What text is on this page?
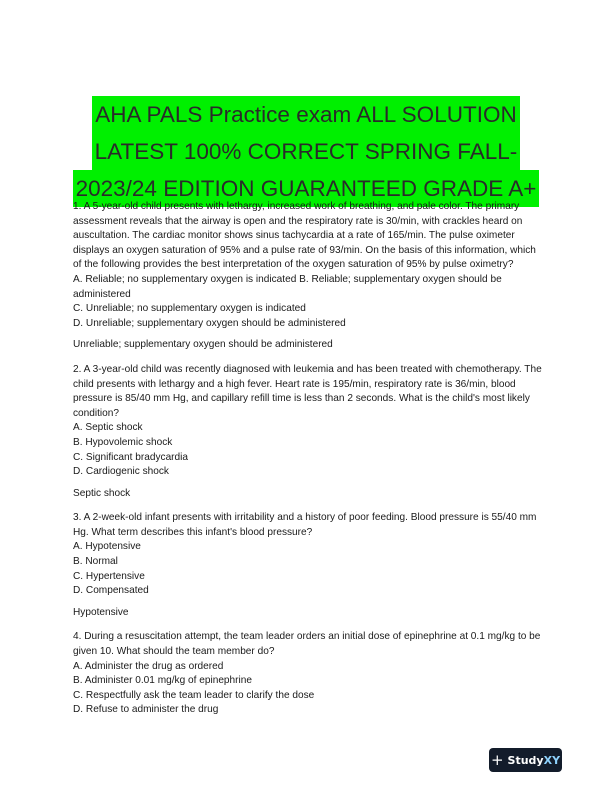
AHA PALS Practice exam ALL SOLUTION
LATEST 100% CORRECT SPRING FALL-
2023/24 EDITION GUARANTEED GRADE A+

1. A 5-year-old child presents with lethargy, increased work of breathing, and pale color. The primary assessment reveals that the airway is open and the respiratory rate is 30/min, with crackles heard on auscultation. The cardiac monitor shows sinus tachycardia at a rate of 165/min. The pulse oximeter displays an oxygen saturation of 95% and a pulse rate of 93/min. On the basis of this information, which of the following provides the best interpretation of the oxygen saturation of 95% by pulse oximetry?

A. Reliable; no supplementary oxygen is indicated B. Reliable; supplementary oxygen should be administered

C. Unreliable; no supplementary oxygen is indicated

D. Unreliable; supplementary oxygen should be administered

Unreliable; supplementary oxygen should be administered

2. A 3-year-old child was recently diagnosed with leukemia and has been treated with chemotherapy. The child presents with lethargy and a high fever. Heart rate is 195/min, respiratory rate is 36/min, blood pressure is 85/40 mm Hg, and capillary refill time is less than 2 seconds. What is the child's most likely condition?

A. Septic shock

B. Hypovolemic shock

C. Significant bradycardia

D. Cardiogenic shock

Septic shock

3. A 2-week-old infant presents with irritability and a history of poor feeding. Blood pressure is 55/40 mm Hg. What term describes this infant's blood pressure?

A. Hypotensive

B. Normal

C. Hypertensive

D. Compensated

Hypotensive

4. During a resuscitation attempt, the team leader orders an initial dose of epinephrine at 0.1 mg/kg to be given 10. What should the team member do?

A. Administer the drug as ordered

B. Administer 0.01 mg/kg of epinephrine

C. Respectfully ask the team leader to clarify the dose

D. Refuse to administer the drug

+ StudyXY
